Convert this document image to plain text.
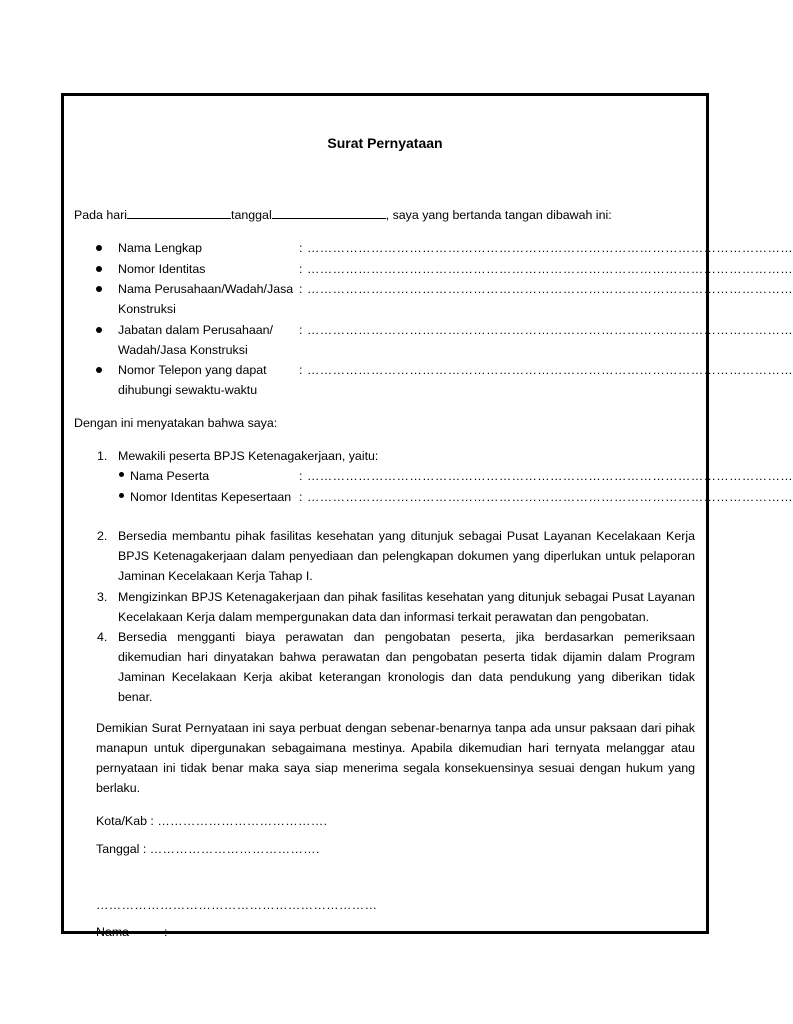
Surat Pernyataan
Pada hari	tanggal	, saya yang bertanda tangan dibawah ini:
Nama Lengkap	: ……………………………………………………………………………………………………
Nomor Identitas	: ……………………………………………………………………………………………………
Nama Perusahaan/Wadah/Jasa
Konstruksi
: ……………………………………………………………………………………………………
Jabatan dalam Perusahaan/
Wadah/Jasa Konstruksi
: ……………………………………………………………………………………………………
Nomor Telepon yang dapat
dihubungi sewaktu-waktu
: ……………………………………………………………………………………………………
Dengan ini menyatakan bahwa saya:
1. Mewakili peserta BPJS Ketenagakerjaan, yaitu:
Nama Peserta	: ……………………………………………………………………………………………………
Nomor Identitas Kepesertaan : ……………………………………………………………………………………………………
2. Bersedia membantu pihak fasilitas kesehatan yang ditunjuk sebagai Pusat Layanan Kecelakaan Kerja BPJS Ketenagakerjaan dalam penyediaan dan pelengkapan dokumen yang diperlukan untuk pelaporan Jaminan Kecelakaan Kerja Tahap I.
3. Mengizinkan BPJS Ketenagakerjaan dan pihak fasilitas kesehatan yang ditunjuk sebagai Pusat Layanan Kecelakaan Kerja dalam mempergunakan data dan informasi terkait perawatan dan pengobatan.
4. Bersedia mengganti biaya perawatan dan pengobatan peserta, jika berdasarkan pemeriksaan dikemudian hari dinyatakan bahwa perawatan dan pengobatan peserta tidak dijamin dalam Program Jaminan Kecelakaan Kerja akibat keterangan kronologis dan data pendukung yang diberikan tidak benar.
Demikian Surat Pernyataan ini saya perbuat dengan sebenar-benarnya tanpa ada unsur paksaan dari pihak manapun untuk dipergunakan sebagaimana mestinya. Apabila dikemudian hari ternyata melanggar atau pernyataan ini tidak benar maka saya siap menerima segala konsekuensinya sesuai dengan hukum yang berlaku.
Kota/Kab : ………………………………….
Tanggal : ………………………………….
…………………………………………………………
Nama	:
